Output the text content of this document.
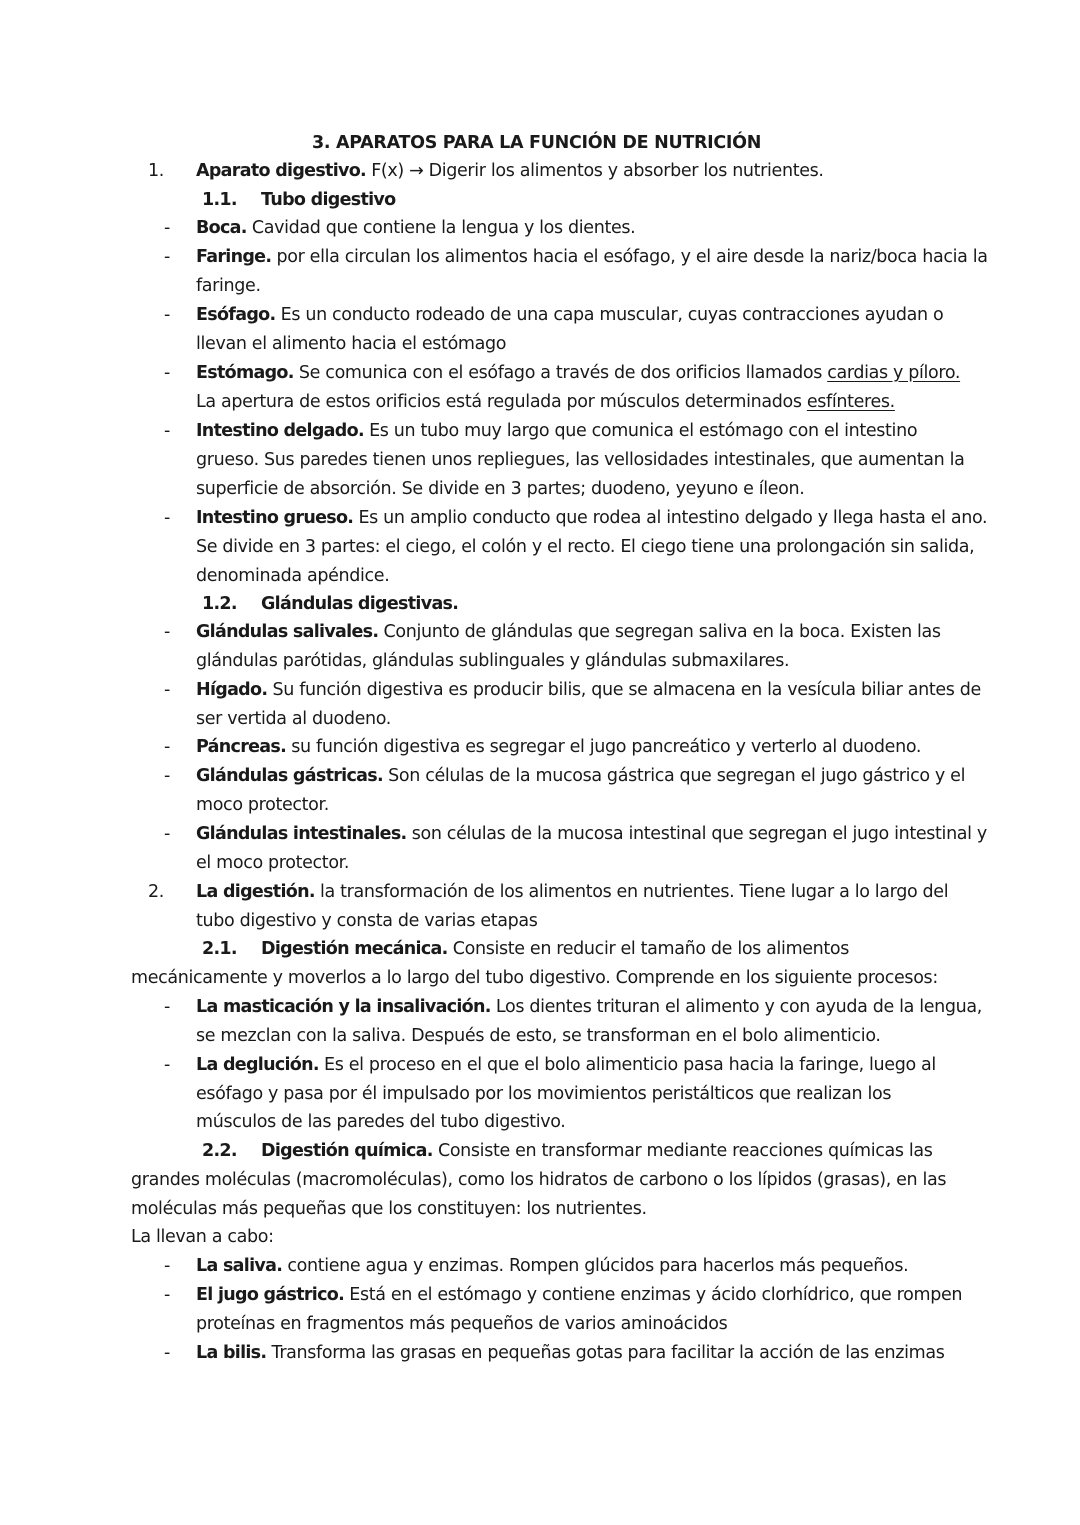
3. APARATOS PARA LA FUNCIÓN DE NUTRICIÓN
1. Aparato digestivo. F(x) → Digerir los alimentos y absorber los nutrientes.
1.1. Tubo digestivo
- Boca. Cavidad que contiene la lengua y los dientes.
- Faringe. por ella circulan los alimentos hacia el esófago, y el aire desde la nariz/boca hacia la
faringe.
- Esófago. Es un conducto rodeado de una capa muscular, cuyas contracciones ayudan o
llevan el alimento hacia el estómago
- Estómago. Se comunica con el esófago a través de dos orificios llamados cardias y píloro.
La apertura de estos orificios está regulada por músculos determinados esfínteres.
- Intestino delgado. Es un tubo muy largo que comunica el estómago con el intestino
grueso. Sus paredes tienen unos repliegues, las vellosidades intestinales, que aumentan la
superficie de absorción. Se divide en 3 partes; duodeno, yeyuno e íleon.
- Intestino grueso. Es un amplio conducto que rodea al intestino delgado y llega hasta el ano.
Se divide en 3 partes: el ciego, el colón y el recto. El ciego tiene una prolongación sin salida,
denominada apéndice.
1.2. Glándulas digestivas.
- Glándulas salivales. Conjunto de glándulas que segregan saliva en la boca. Existen las
glándulas parótidas, glándulas sublinguales y glándulas submaxilares.
- Hígado. Su función digestiva es producir bilis, que se almacena en la vesícula biliar antes de
ser vertida al duodeno.
- Páncreas. su función digestiva es segregar el jugo pancreático y verterlo al duodeno.
- Glándulas gástricas. Son células de la mucosa gástrica que segregan el jugo gástrico y el
moco protector.
- Glándulas intestinales. son células de la mucosa intestinal que segregan el jugo intestinal y
el moco protector.
2. La digestión. la transformación de los alimentos en nutrientes. Tiene lugar a lo largo del
tubo digestivo y consta de varias etapas
2.1. Digestión mecánica. Consiste en reducir el tamaño de los alimentos
mecánicamente y moverlos a lo largo del tubo digestivo. Comprende en los siguiente procesos:
- La masticación y la insalivación. Los dientes trituran el alimento y con ayuda de la lengua,
se mezclan con la saliva. Después de esto, se transforman en el bolo alimenticio.
- La deglución. Es el proceso en el que el bolo alimenticio pasa hacia la faringe, luego al
esófago y pasa por él impulsado por los movimientos peristálticos que realizan los
músculos de las paredes del tubo digestivo.
2.2. Digestión química. Consiste en transformar mediante reacciones químicas las
grandes moléculas (macromoléculas), como los hidratos de carbono o los lípidos (grasas), en las
moléculas más pequeñas que los constituyen: los nutrientes.
La llevan a cabo:
- La saliva. contiene agua y enzimas. Rompen glúcidos para hacerlos más pequeños.
- El jugo gástrico. Está en el estómago y contiene enzimas y ácido clorhídrico, que rompen
proteínas en fragmentos más pequeños de varios aminoácidos
- La bilis. Transforma las grasas en pequeñas gotas para facilitar la acción de las enzimas
